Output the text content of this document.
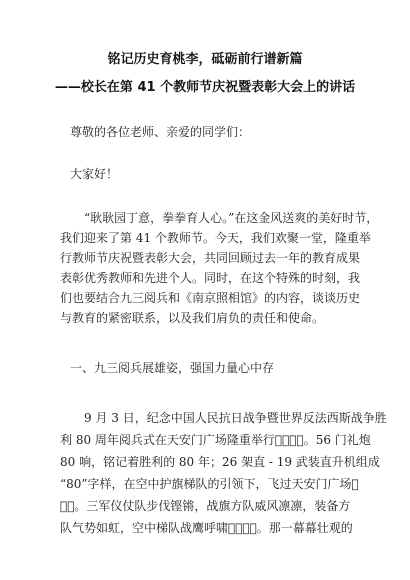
铭记历史育桃李，砥砺前行谱新篇
——校长在第 41 个教师节庆祝暨表彰大会上的讲话
尊敬的各位老师、亲爱的同学们：
大家好！
“耿耿园丁意，拳拳育人心。”在这金风送爽的美好时节，
我们迎来了第 41 个教师节。今天，我们欢聚一堂，隆重举
行教师节庆祝暨表彰大会，共同回顾过去一年的教育成果
表彰优秀教师和先进个人。同时，在这个特殊的时刻，我
们也要结合九三阅兵和《南京照相馆》的内容，谈谈历史
与教育的紧密联系，以及我们肩负的责任和使命。
一、九三阅兵展雄姿，强国力量心中存
9 月 3 日，纪念中国人民抗日战争暨世界反法西斯战争胜
利 80 周年阅兵式在天安门广场隆重举行    。56 门礼炮
80 响，铭记着胜利的 80 年；26 架直 - 19 武装直升机组成
“80”字样，在空中护旗梯队的引领下，飞过天安门广场 
  。三军仪仗队步伐铿锵，战旗方队威风凛凛，装备方
队气势如虹，空中梯队战鹰呼啸    。那一幕幕壮观的
